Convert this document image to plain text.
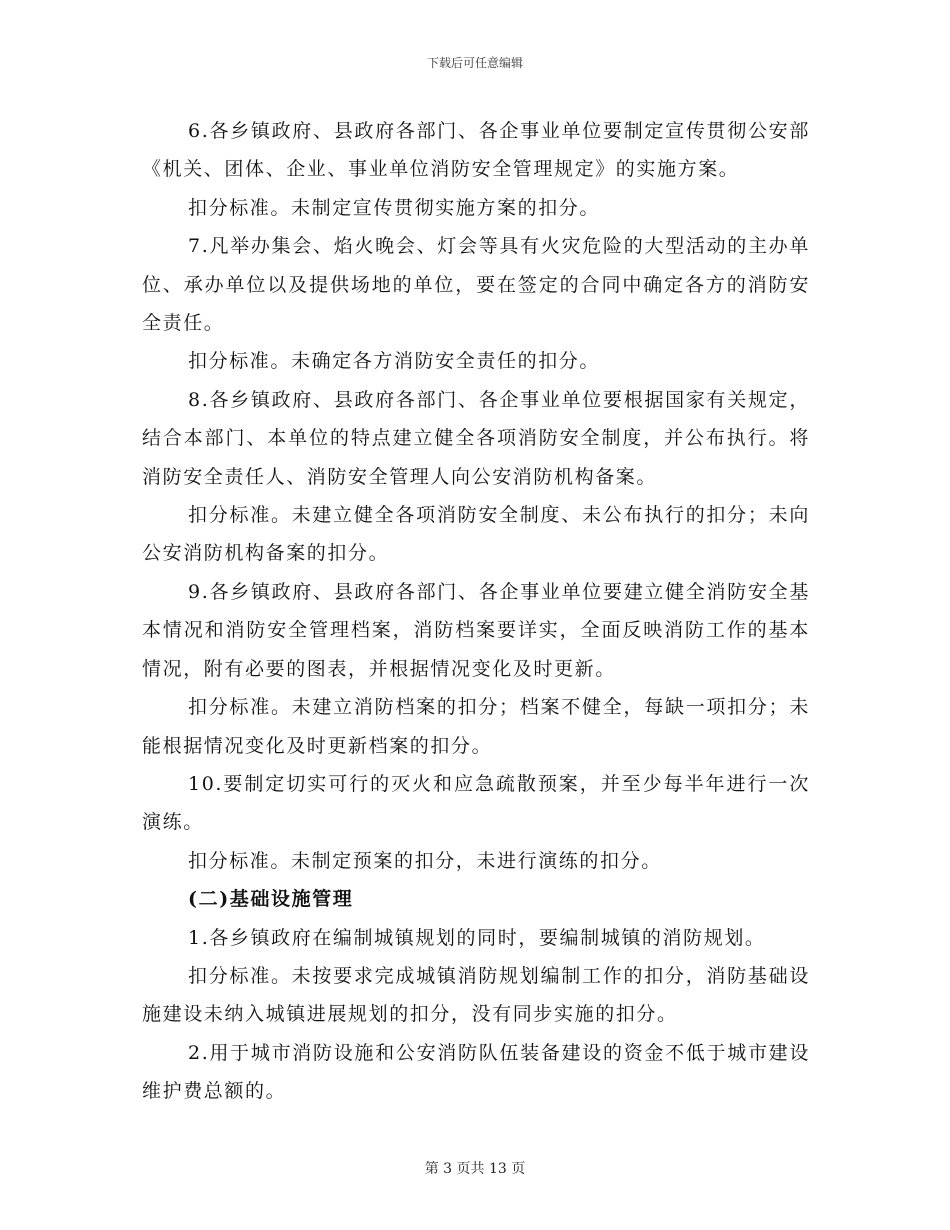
下载后可任意编辑

6.各乡镇政府、县政府各部门、各企事业单位要制定宣传贯彻公安部《机关、团体、企业、事业单位消防安全管理规定》的实施方案。

扣分标准。未制定宣传贯彻实施方案的扣分。

7.凡举办集会、焰火晚会、灯会等具有火灾危险的大型活动的主办单位、承办单位以及提供场地的单位，要在签定的合同中确定各方的消防安全责任。

扣分标准。未确定各方消防安全责任的扣分。

8.各乡镇政府、县政府各部门、各企事业单位要根据国家有关规定，结合本部门、本单位的特点建立健全各项消防安全制度，并公布执行。将消防安全责任人、消防安全管理人向公安消防机构备案。

扣分标准。未建立健全各项消防安全制度、未公布执行的扣分；未向公安消防机构备案的扣分。

9.各乡镇政府、县政府各部门、各企事业单位要建立健全消防安全基本情况和消防安全管理档案，消防档案要详实，全面反映消防工作的基本情况，附有必要的图表，并根据情况变化及时更新。

扣分标准。未建立消防档案的扣分；档案不健全，每缺一项扣分；未能根据情况变化及时更新档案的扣分。

10.要制定切实可行的灭火和应急疏散预案，并至少每半年进行一次演练。

扣分标准。未制定预案的扣分，未进行演练的扣分。

(二)基础设施管理

1.各乡镇政府在编制城镇规划的同时，要编制城镇的消防规划。

扣分标准。未按要求完成城镇消防规划编制工作的扣分，消防基础设施建设未纳入城镇进展规划的扣分，没有同步实施的扣分。

2.用于城市消防设施和公安消防队伍装备建设的资金不低于城市建设维护费总额的。

第 3 页共 13 页
